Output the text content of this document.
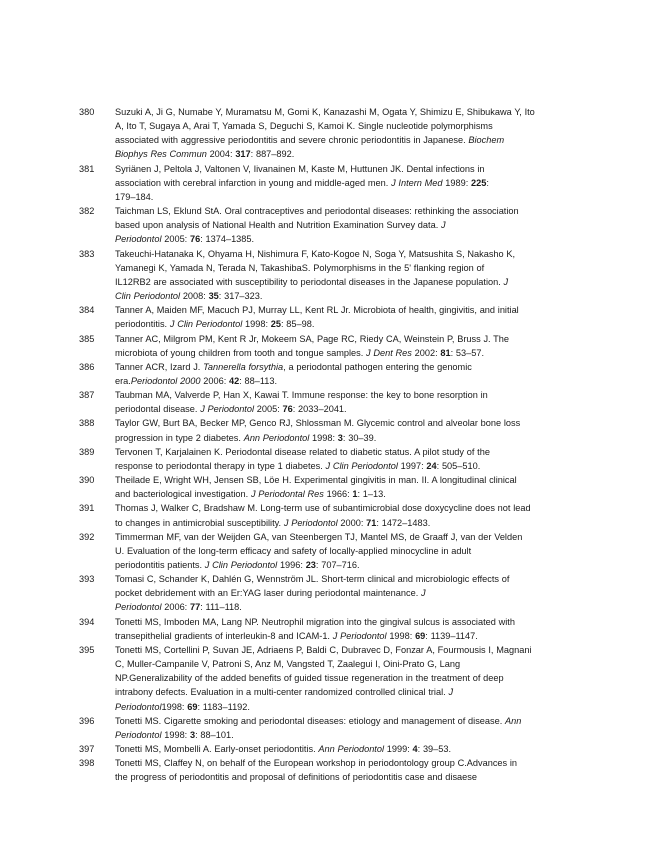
380	Suzuki A, Ji G, Numabe Y, Muramatsu M, Gomi K, Kanazashi M, Ogata Y, Shimizu E, Shibukawa Y, Ito
A, Ito T, Sugaya A, Arai T, Yamada S, Deguchi S, Kamoi K. Single nucleotide polymorphisms
associated with aggressive periodontitis and severe chronic periodontitis in Japanese. Biochem
Biophys Res Commun 2004: 317: 887–892.
381	Syriänen J, Peltola J, Valtonen V, Iivanainen M, Kaste M, Huttunen JK. Dental infections in
association with cerebral infarction in young and middle-aged men. J Intern Med 1989: 225:
179–184.
382	Taichman LS, Eklund StA. Oral contraceptives and periodontal diseases: rethinking the association
based upon analysis of National Health and Nutrition Examination Survey data. J
Periodontol 2005: 76: 1374–1385.
383	Takeuchi-Hatanaka K, Ohyama H, Nishimura F, Kato-Kogoe N, Soga Y, Matsushita S, Nakasho K,
Yamanegi K, Yamada N, Terada N, TakashibaS. Polymorphisms in the 5' flanking region of
IL12RB2 are associated with susceptibility to periodontal diseases in the Japanese population. J
Clin Periodontol 2008: 35: 317–323.
384	Tanner A, Maiden MF, Macuch PJ, Murray LL, Kent RL Jr. Microbiota of health, gingivitis, and initial
periodontitis. J Clin Periodontol 1998: 25: 85–98.
385	Tanner AC, Milgrom PM, Kent R Jr, Mokeem SA, Page RC, Riedy CA, Weinstein P, Bruss J. The
microbiota of young children from tooth and tongue samples. J Dent Res 2002: 81: 53–57.
386	Tanner ACR, Izard J. Tannerella forsythia, a periodontal pathogen entering the genomic
era.Periodontol 2000 2006: 42: 88–113.
387	Taubman MA, Valverde P, Han X, Kawai T. Immune response: the key to bone resorption in
periodontal disease. J Periodontol 2005: 76: 2033–2041.
388	Taylor GW, Burt BA, Becker MP, Genco RJ, Shlossman M. Glycemic control and alveolar bone loss
progression in type 2 diabetes. Ann Periodontol 1998: 3: 30–39.
389	Tervonen T, Karjalainen K. Periodontal disease related to diabetic status. A pilot study of the
response to periodontal therapy in type 1 diabetes. J Clin Periodontol 1997: 24: 505–510.
390	Theilade E, Wright WH, Jensen SB, Löe H. Experimental gingivitis in man. II. A longitudinal clinical
and bacteriological investigation. J Periodontal Res 1966: 1: 1–13.
391	Thomas J, Walker C, Bradshaw M. Long-term use of subantimicrobial dose doxycycline does not lead
to changes in antimicrobial susceptibility. J Periodontol 2000: 71: 1472–1483.
392	Timmerman MF, van der Weijden GA, van Steenbergen TJ, Mantel MS, de Graaff J, van der Velden
U. Evaluation of the long-term efficacy and safety of locally-applied minocycline in adult
periodontitis patients. J Clin Periodontol 1996: 23: 707–716.
393	Tomasi C, Schander K, Dahlén G, Wennström JL. Short-term clinical and microbiologic effects of
pocket debridement with an Er:YAG laser during periodontal maintenance. J
Periodontol 2006: 77: 111–118.
394	Tonetti MS, Imboden MA, Lang NP. Neutrophil migration into the gingival sulcus is associated with
transepithelial gradients of interleukin-8 and ICAM-1. J Periodontol 1998: 69: 1139–1147.
395	Tonetti MS, Cortellini P, Suvan JE, Adriaens P, Baldi C, Dubravec D, Fonzar A, Fourmousis I, Magnani
C, Muller-Campanile V, Patroni S, Anz M, Vangsted T, Zaalegui I, Oini-Prato G, Lang
NP.Generalizability of the added benefits of guided tissue regeneration in the treatment of deep
intrabony defects. Evaluation in a multi-center randomized controlled clinical trial. J
Periodontol1998: 69: 1183–1192.
396	Tonetti MS. Cigarette smoking and periodontal diseases: etiology and management of disease. Ann
Periodontol 1998: 3: 88–101.
397	Tonetti MS, Mombelli A. Early-onset periodontitis. Ann Periodontol 1999: 4: 39–53.
398	Tonetti MS, Claffey N, on behalf of the European workshop in periodontology group C.Advances in
the progress of periodontitis and proposal of definitions of periodontitis case and disaese
